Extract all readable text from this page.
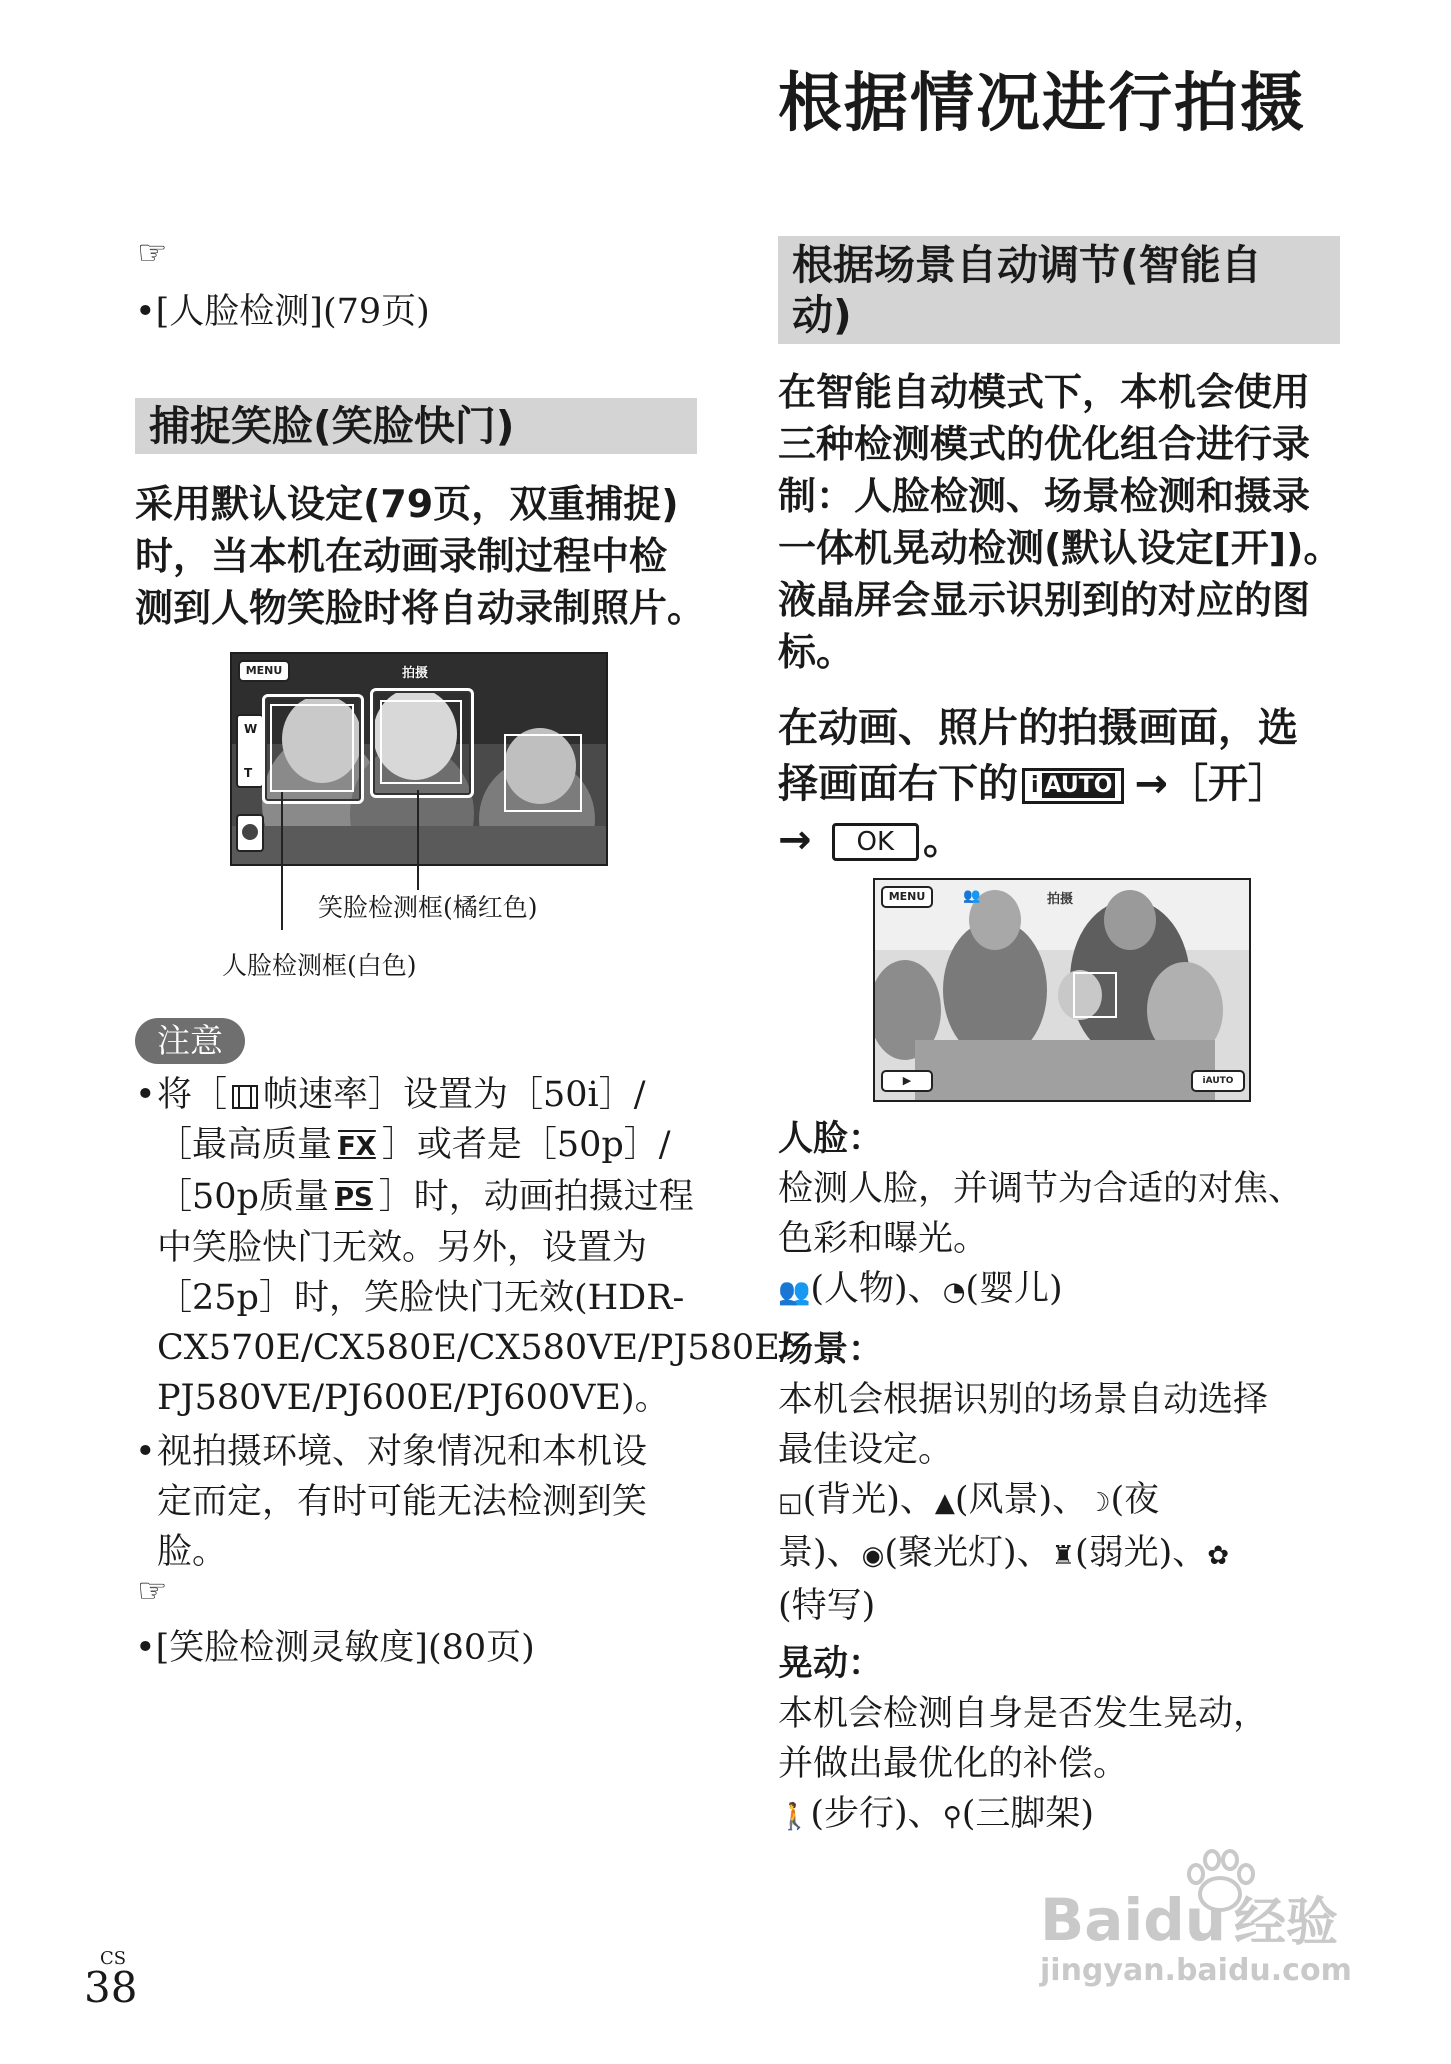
根据情况进行拍摄
☞
•[人脸检测](79页)
捕捉笑脸(笑脸快门)
采用默认设定(79页，双重捕捉)
时，当本机在动画录制过程中检
测到人物笑脸时将自动录制照片。
MENU	拍摄
W
T
笑脸检测框(橘红色)
人脸检测框(白色)
注意
• 将［ 帧速率］设置为［50i］/
［最高质量 FX ］或者是［50p］/
［50p质量 PS ］时，动画拍摄过程
中笑脸快门无效。另外，设置为
［25p］时，笑脸快门无效(HDR-
CX570E/CX580E/CX580VE/PJ580E/
PJ580VE/PJ600E/PJ600VE)。
• 视拍摄环境、对象情况和本机设
定而定，有时可能无法检测到笑
脸。
☞
•[笑脸检测灵敏度](80页)
根据场景自动调节(智能自
动)
在智能自动模式下，本机会使用
三种检测模式的优化组合进行录
制：人脸检测、场景检测和摄录
一体机晃动检测(默认设定[开])。
液晶屏会显示识别到的对应的图
标。
在动画、照片的拍摄画面，选
择画面右下的 i AUTO →［开］
→ OK 。
MENU	👥	拍摄
▶	iAUTO
人脸：
检测人脸，并调节为合适的对焦、
色彩和曝光。
👥(人物)、◔(婴儿)
场景：
本机会根据识别的场景自动选择
最佳设定。
◱(背光)、▲(风景)、☽(夜
景)、◉(聚光灯)、♜(弱光)、✿
(特写)
晃动：
本机会检测自身是否发生晃动，
并做出最优化的补偿。
🚶(步行)、⚲(三脚架)
CS
38
Baidu 经验
jingyan.baidu.com
